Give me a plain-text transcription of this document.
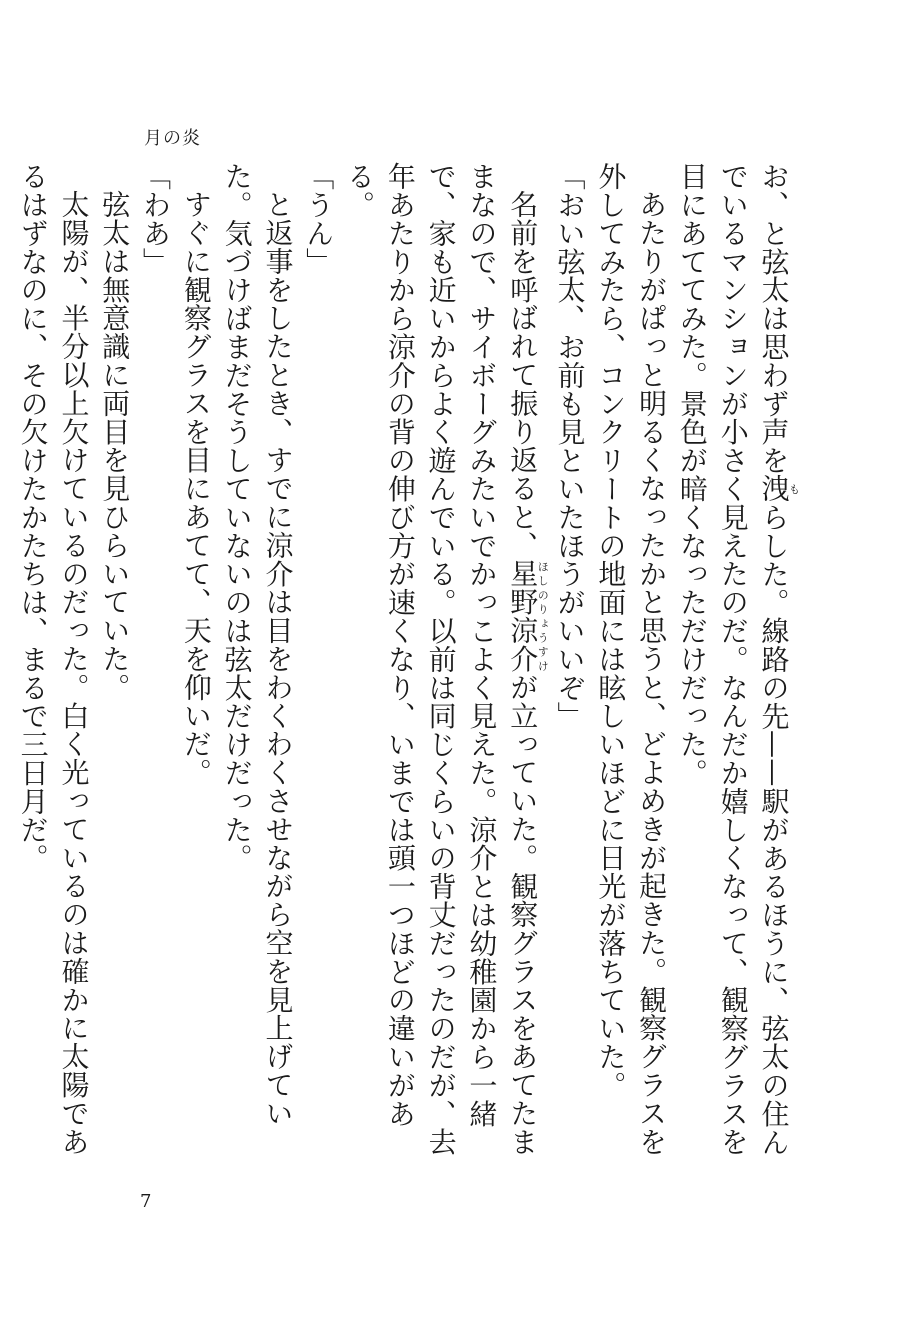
月の炎

お、と弦太は思わず声を洩もらした。線路の先——駅があるほうに、弦太の住んでいるマンションが小さく見えたのだ。なんだか嬉しくなって、観察グラスを目にあててみた。景色が暗くなっただけだった。

あたりがぱっと明るくなったかと思うと、どよめきが起きた。観察グラスを外してみたら、コンクリートの地面には眩しいほどに日光が落ちていた。

「おい弦太、お前も見といたほうがいいぞ」

名前を呼ばれて振り返ると、星野涼介ほしのりょうすけが立っていた。観察グラスをあてたままなので、サイボーグみたいでかっこよく見えた。涼介とは幼稚園から一緒で、家も近いからよく遊んでいる。以前は同じくらいの背丈だったのだが、去年あたりから涼介の背の伸び方が速くなり、いまでは頭一つほどの違いがある。

「うん」

と返事をしたとき、すでに涼介は目をわくわくさせながら空を見上げていた。気づけばまだそうしていないのは弦太だけだった。

すぐに観察グラスを目にあてて、天を仰いだ。

「わあ」

弦太は無意識に両目を見ひらいていた。

太陽が、半分以上欠けているのだった。白く光っているのは確かに太陽であるはずなのに、その欠けたかたちは、まるで三日月だ。

7
